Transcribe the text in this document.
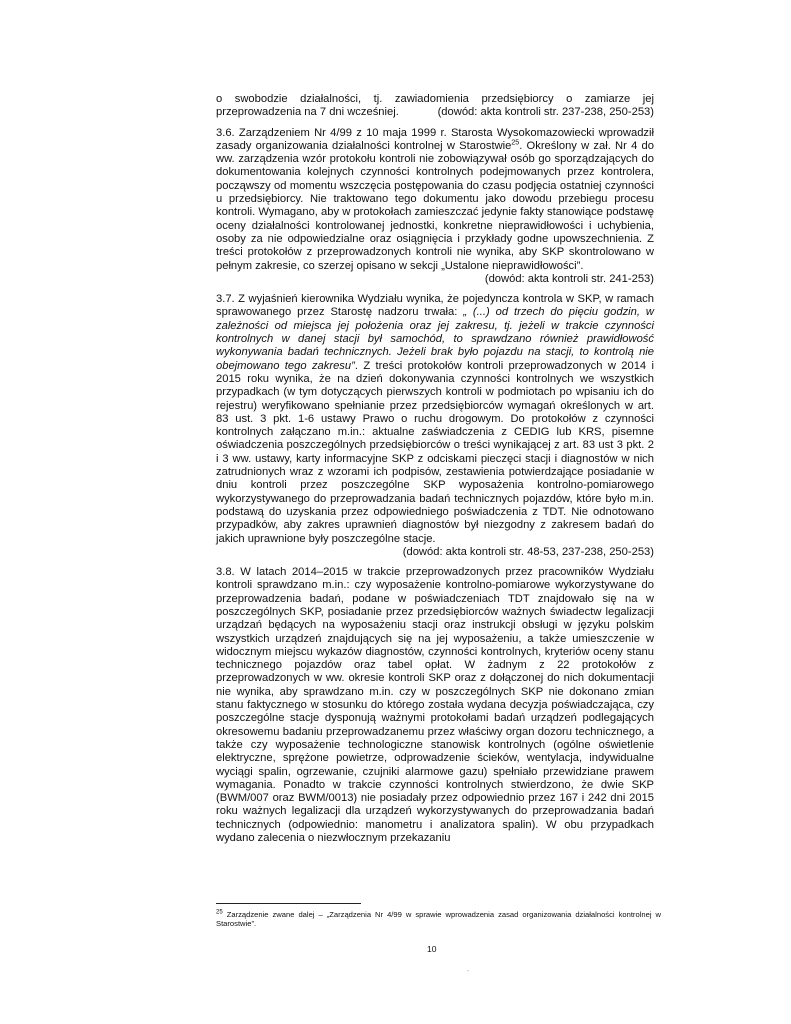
o swobodzie działalności, tj. zawiadomienia przedsiębiorcy o zamiarze jej przeprowadzenia na 7 dni wcześniej.	(dowód: akta kontroli str. 237-238, 250-253)

3.6. Zarządzeniem Nr 4/99 z 10 maja 1999 r. Starosta Wysokomazowiecki wprowadził zasady organizowania działalności kontrolnej w Starostwie$^{25}$. Określony w zał. Nr 4 do ww. zarządzenia wzór protokołu kontroli nie zobowiązywał osób go sporządzających do dokumentowania kolejnych czynności kontrolnych podejmowanych przez kontrolera, począwszy od momentu wszczęcia postępowania do czasu podjęcia ostatniej czynności u przedsiębiorcy. Nie traktowano tego dokumentu jako dowodu przebiegu procesu kontroli. Wymagano, aby w protokołach zamieszczać jedynie fakty stanowiące podstawę oceny działalności kontrolowanej jednostki, konkretne nieprawidłowości i uchybienia, osoby za nie odpowiedzialne oraz osiągnięcia i przykłady godne upowszechnienia. Z treści protokołów z przeprowadzonych kontroli nie wynika, aby SKP skontrolowano w pełnym zakresie, co szerzej opisano w sekcji „Ustalone nieprawidłowości”.
(dowód: akta kontroli str. 241-253)

3.7. Z wyjaśnień kierownika Wydziału wynika, że pojedyncza kontrola w SKP, w ramach sprawowanego przez Starostę nadzoru trwała: „ (...) od trzech do pięciu godzin, w zależności od miejsca jej położenia oraz jej zakresu, tj. jeżeli w trakcie czynności kontrolnych w danej stacji był samochód, to sprawdzano również prawidłowość wykonywania badań technicznych. Jeżeli brak było pojazdu na stacji, to kontrolą nie obejmowano tego zakresu”. Z treści protokołów kontroli przeprowadzonych w 2014 i 2015 roku wynika, że na dzień dokonywania czynności kontrolnych we wszystkich przypadkach (w tym dotyczących pierwszych kontroli w podmiotach po wpisaniu ich do rejestru) weryfikowano spełnianie przez przedsiębiorców wymagań określonych w art. 83 ust. 3 pkt. 1-6 ustawy Prawo o ruchu drogowym. Do protokołów z czynności kontrolnych załączano m.in.: aktualne zaświadczenia z CEDIG lub KRS, pisemne oświadczenia poszczególnych przedsiębiorców o treści wynikającej z art. 83 ust 3 pkt. 2 i 3 ww. ustawy, karty informacyjne SKP z odciskami pieczęci stacji i diagnostów w nich zatrudnionych wraz z wzorami ich podpisów, zestawienia potwierdzające posiadanie w dniu kontroli przez poszczególne SKP wyposażenia kontrolno-pomiarowego wykorzystywanego do przeprowadzania badań technicznych pojazdów, które było m.in. podstawą do uzyskania przez odpowiedniego poświadczenia z TDT. Nie odnotowano przypadków, aby zakres uprawnień diagnostów był niezgodny z zakresem badań do jakich uprawnione były poszczególne stacje.
(dowód: akta kontroli str. 48-53, 237-238, 250-253)

3.8. W latach 2014–2015 w trakcie przeprowadzonych przez pracowników Wydziału kontroli sprawdzano m.in.: czy wyposażenie kontrolno-pomiarowe wykorzystywane do przeprowadzenia badań, podane w poświadczeniach TDT znajdowało się na w poszczególnych SKP, posiadanie przez przedsiębiorców ważnych świadectw legalizacji urządzań będących na wyposażeniu stacji oraz instrukcji obsługi w języku polskim wszystkich urządzeń znajdujących się na jej wyposażeniu, a także umieszczenie w widocznym miejscu wykazów diagnostów, czynności kontrolnych, kryteriów oceny stanu technicznego pojazdów oraz tabel opłat. W żadnym z 22 protokołów z przeprowadzonych w ww. okresie kontroli SKP oraz z dołączonej do nich dokumentacji nie wynika, aby sprawdzano m.in. czy w poszczególnych SKP nie dokonano zmian stanu faktycznego w stosunku do którego została wydana decyzja poświadczająca, czy poszczególne stacje dysponują ważnymi protokołami badań urządzeń podlegających okresowemu badaniu przeprowadzanemu przez właściwy organ dozoru technicznego, a także czy wyposażenie technologiczne stanowisk kontrolnych (ogólne oświetlenie elektryczne, sprężone powietrze, odprowadzenie ścieków, wentylacja, indywidualne wyciągi spalin, ogrzewanie, czujniki alarmowe gazu) spełniało przewidziane prawem wymagania. Ponadto w trakcie czynności kontrolnych stwierdzono, że dwie SKP (BWM/007 oraz BWM/0013) nie posiadały przez odpowiednio przez 167 i 242 dni 2015 roku ważnych legalizacji dla urządzeń wykorzystywanych do przeprowadzania badań technicznych (odpowiednio: manometru i analizatora spalin). W obu przypadkach wydano zalecenia o niezwłocznym przekazaniu

$^{25}$ Zarządzenie zwane dalej – „Zarządzenia Nr 4/99 w sprawie wprowadzenia zasad organizowania działalności kontrolnej w Starostwie”.
10
-
